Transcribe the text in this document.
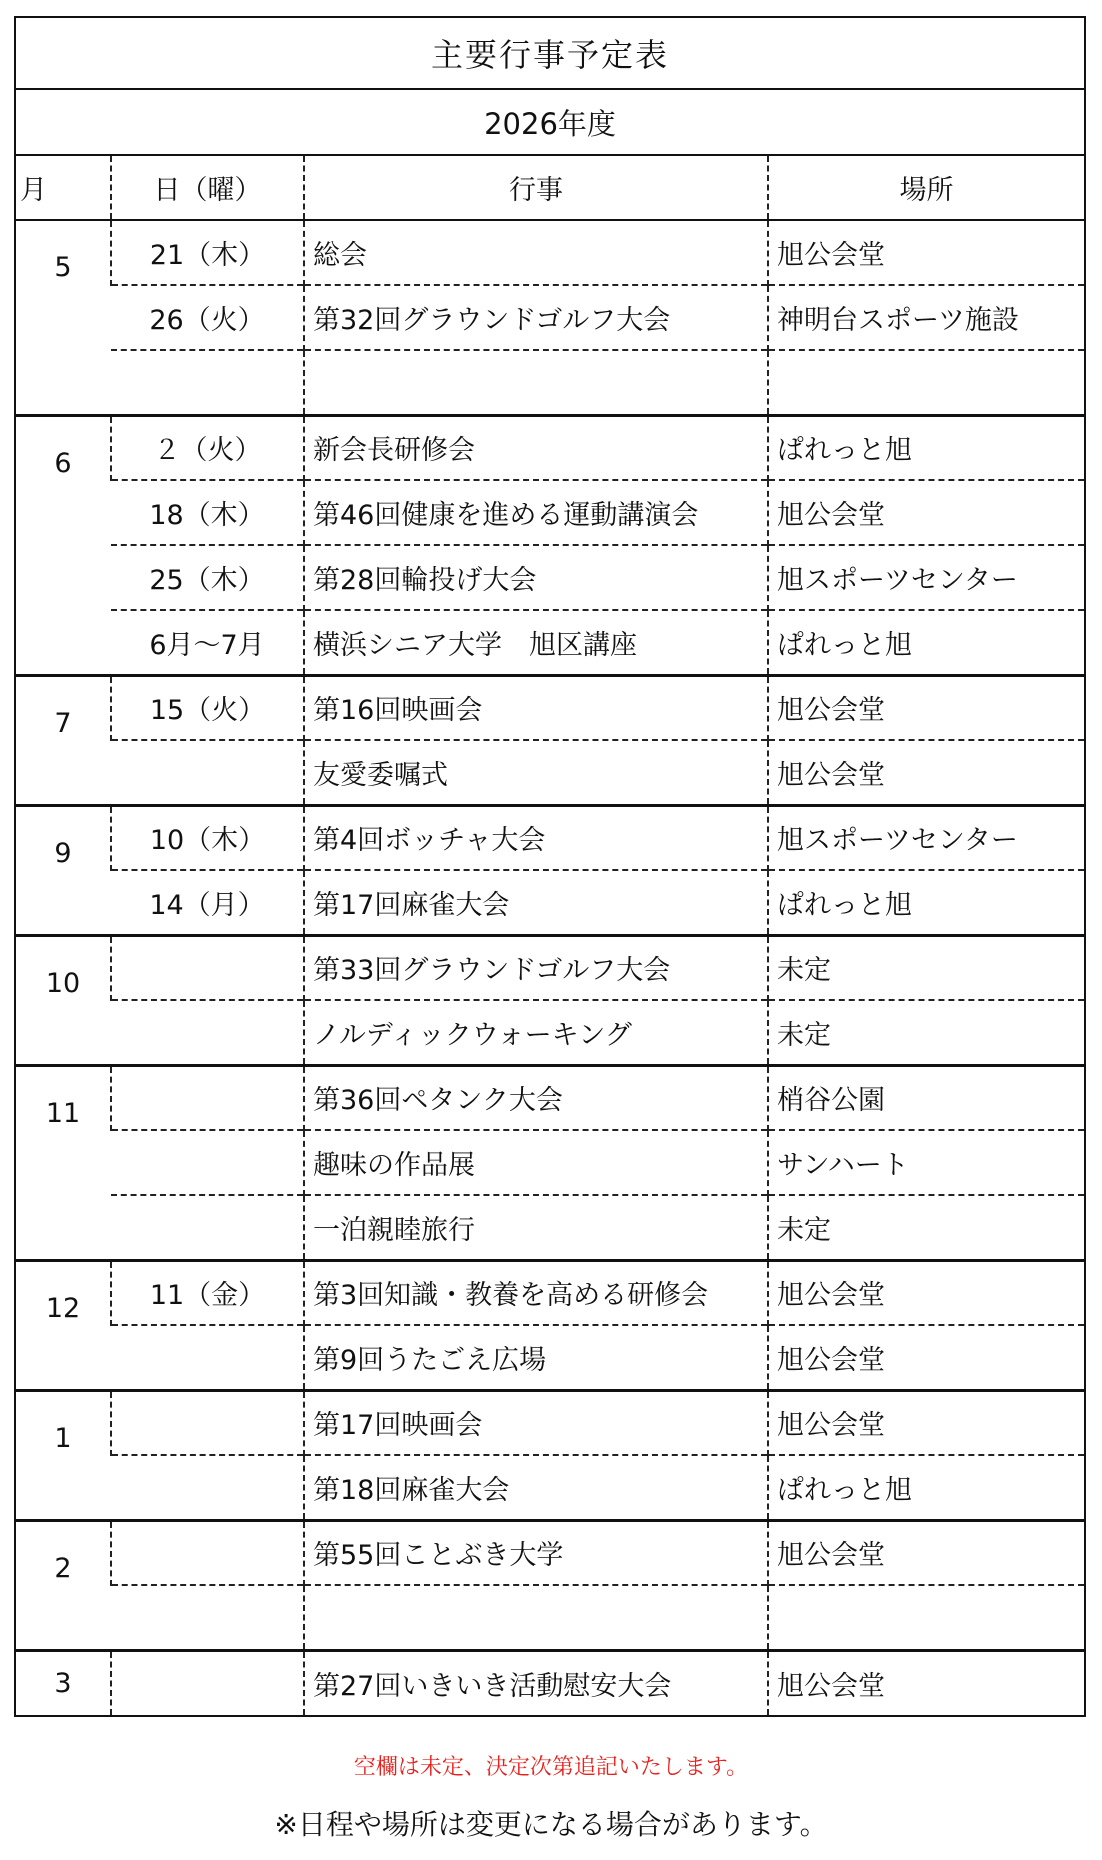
主要行事予定表
2026年度
月	日（曜）	行事	場所

5	21（木）	総会	旭公会堂
	26（火）	第32回グラウンドゴルフ大会	神明台スポーツ施設

6	２（火）	新会長研修会	ぱれっと旭
	18（木）	第46回健康を進める運動講演会	旭公会堂
	25（木）	第28回輪投げ大会	旭スポーツセンター
	6月～7月	横浜シニア大学　旭区講座	ぱれっと旭

7	15（火）	第16回映画会	旭公会堂
		友愛委嘱式	旭公会堂

9	10（木）	第4回ボッチャ大会	旭スポーツセンター
	14（月）	第17回麻雀大会	ぱれっと旭

10		第33回グラウンドゴルフ大会	未定
		ノルディックウォーキング	未定

11		第36回ペタンク大会	梢谷公園
		趣味の作品展	サンハート
		一泊親睦旅行	未定

12	11（金）	第3回知識・教養を高める研修会	旭公会堂
		第9回うたごえ広場	旭公会堂

1		第17回映画会	旭公会堂
		第18回麻雀大会	ぱれっと旭

2		第55回ことぶき大学	旭公会堂

3		第27回いきいき活動慰安大会	旭公会堂
空欄は未定、決定次第追記いたします。
※日程や場所は変更になる場合があります。
